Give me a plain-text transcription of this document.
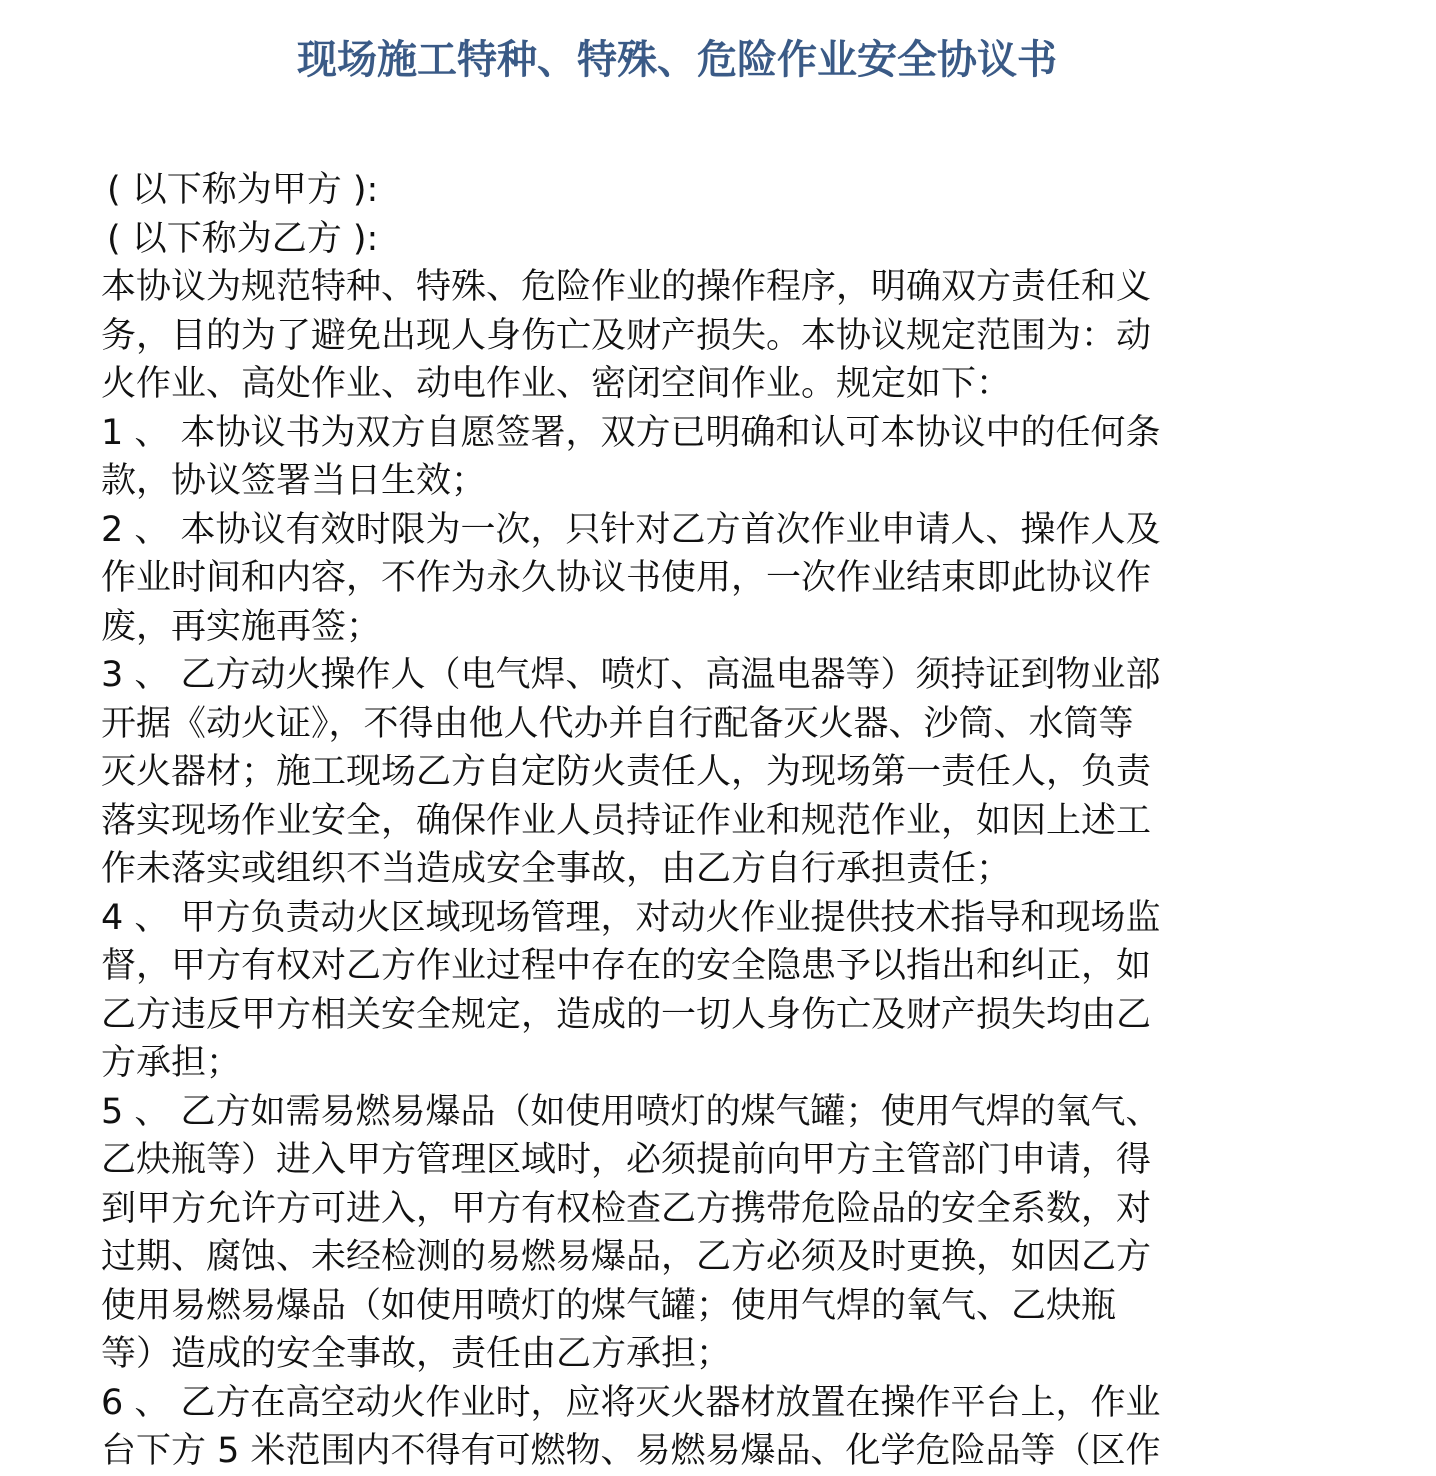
现场施工特种、特殊、危险作业安全协议书
( 以下称为甲方 ):
( 以下称为乙方 ):
本协议为规范特种、特殊、危险作业的操作程序，明确双方责任和义
务，目的为了避免出现人身伤亡及财产损失。本协议规定范围为：动
火作业、高处作业、动电作业、密闭空间作业。规定如下：
1 、 本协议书为双方自愿签署，双方已明确和认可本协议中的任何条
款，协议签署当日生效；
2 、 本协议有效时限为一次，只针对乙方首次作业申请人、操作人及
作业时间和内容，不作为永久协议书使用，一次作业结束即此协议作
废，再实施再签；
3 、 乙方动火操作人（电气焊、喷灯、高温电器等）须持证到物业部
开据《动火证》，不得由他人代办并自行配备灭火器、沙筒、水筒等
灭火器材；施工现场乙方自定防火责任人，为现场第一责任人，负责
落实现场作业安全，确保作业人员持证作业和规范作业，如因上述工
作未落实或组织不当造成安全事故，由乙方自行承担责任；
4 、 甲方负责动火区域现场管理，对动火作业提供技术指导和现场监
督，甲方有权对乙方作业过程中存在的安全隐患予以指出和纠正，如
乙方违反甲方相关安全规定，造成的一切人身伤亡及财产损失均由乙
方承担；
5 、 乙方如需易燃易爆品（如使用喷灯的煤气罐；使用气焊的氧气、
乙炔瓶等）进入甲方管理区域时，必须提前向甲方主管部门申请，得
到甲方允许方可进入，甲方有权检查乙方携带危险品的安全系数，对
过期、腐蚀、未经检测的易燃易爆品，乙方必须及时更换，如因乙方
使用易燃易爆品（如使用喷灯的煤气罐；使用气焊的氧气、乙炔瓶
等）造成的安全事故，责任由乙方承担；
6 、 乙方在高空动火作业时，应将灭火器材放置在操作平台上，作业
台下方 5 米范围内不得有可燃物、易燃易爆品、化学危险品等（区作
